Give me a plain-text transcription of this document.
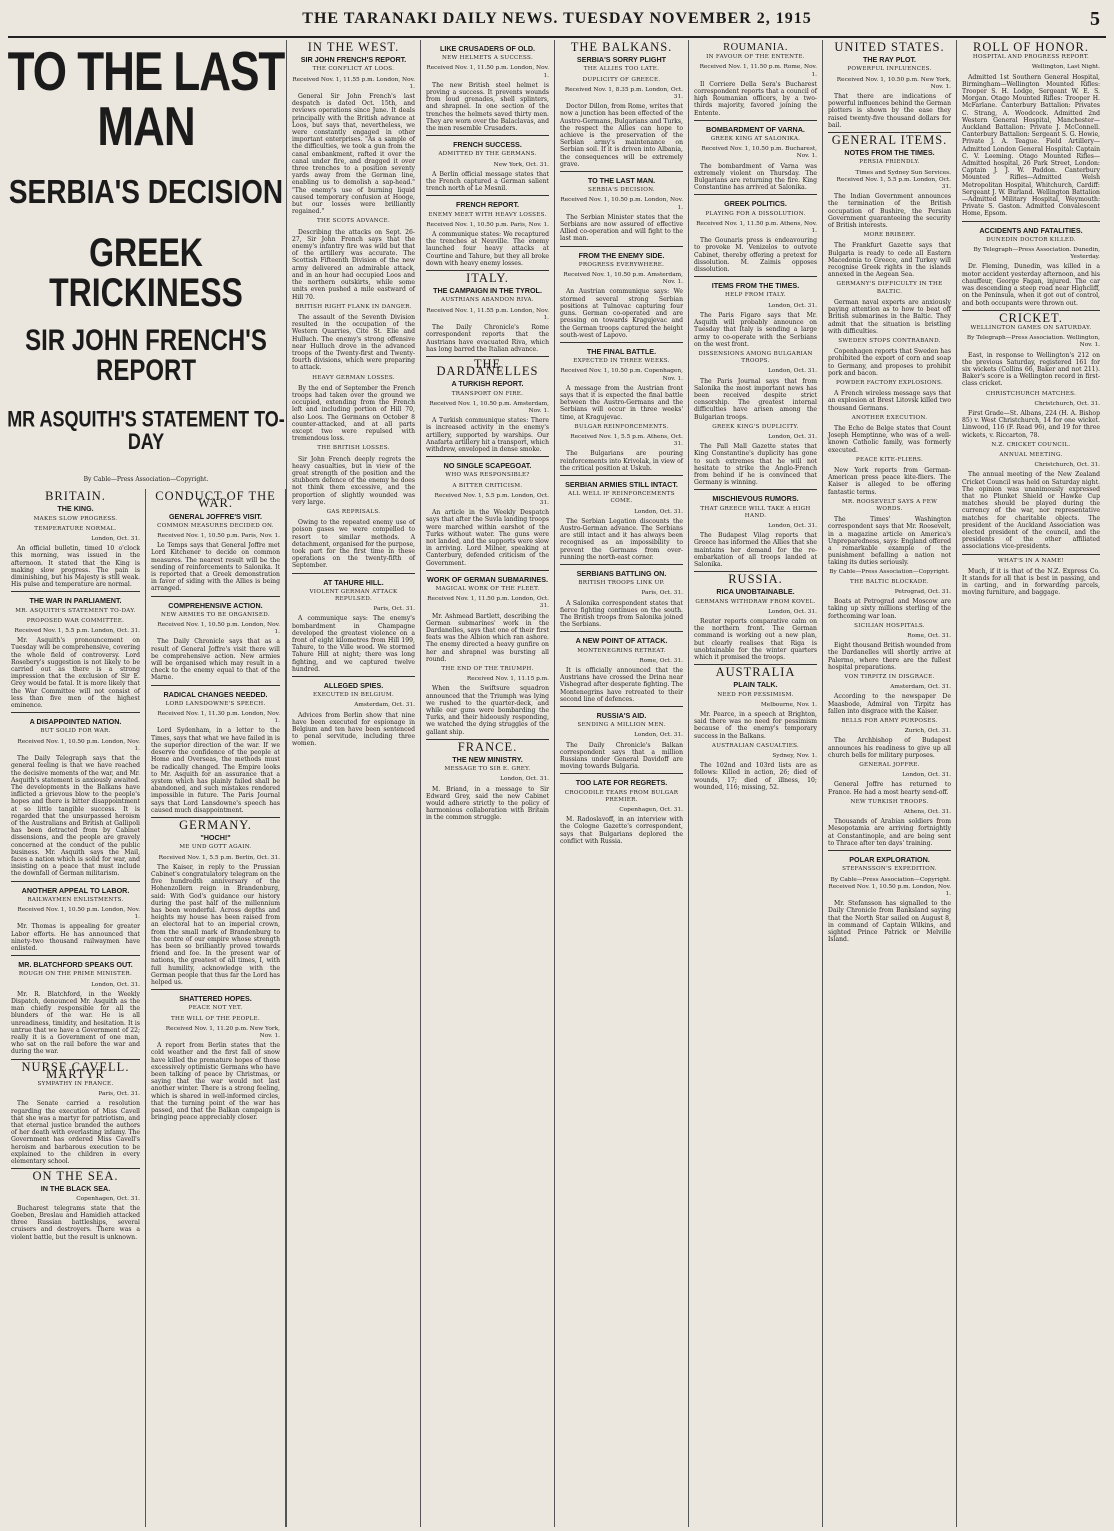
THE TARANAKI DAILY NEWS. TUESDAY NOVEMBER 2, 1915	5
TO THE LAST MAN
SERBIA'S DECISION
GREEK TRICKINESS
SIR JOHN FRENCH'S REPORT
MR ASQUITH'S STATEMENT TO-DAY
By Cable—Press Association—Copyright.
BRITAIN.
THE KING.
MAKES SLOW PROGRESS.
TEMPERATURE NORMAL.
London, Oct. 31.

An official bulletin, timed 10 o'clock this morning, was issued in the afternoon. It stated that the King is making slow progress. The pain is diminishing, but his Majesty is still weak. His pulse and temperature are normal.

THE WAR IN PARLIAMENT.
MR. ASQUITH'S STATEMENT TO-DAY.
PROPOSED WAR COMMITTEE.
Received Nov. 1, 5.5 p.m. London, Oct. 31.

Mr. Asquith's pronouncement on Tuesday will be comprehensive, covering the whole field of controversy. Lord Rosebery's suggestion is not likely to be carried out as there is a strong impression that the exclusion of Sir E. Grey would be fatal. It is more likely that the War Committee will not consist of less than five men of the highest eminence.

A DISAPPOINTED NATION.
BUT SOLID FOR WAR.
Received Nov. 1, 10.50 p.m. London, Nov. 1.

The Daily Telegraph says that the general feeling is that we have reached the decisive moments of the war, and Mr. Asquith's statement is anxiously awaited. The developments in the Balkans have inflicted a grievous blow to the people's hopes and there is bitter disappointment at so little tangible success. It is regarded that the unsurpassed heroism of the Australians and British at Gallipoli has been detracted from by Cabinet dissensions, and the people are gravely concerned at the conduct of the public business. Mr. Asquith says the Mail, faces a nation which is solid for war, and insisting on a peace that must include the downfall of German militarism.

ANOTHER APPEAL TO LABOR.
RAILWAYMEN ENLISTMENTS.
Received Nov. 1, 10.50 p.m. London, Nov. 1.

Mr. Thomas is appealing for greater Labor efforts. He has announced that ninety-two thousand railwaymen have enlisted.

MR. BLATCHFORD SPEAKS OUT.
ROUGH ON THE PRIME MINISTER.
London, Oct. 31.

Mr. R. Blatchford, in the Weekly Dispatch, denounced Mr. Asquith as the man chiefly responsible for all the blunders of the war. He is all unreadiness, timidity, and hesitation. It is untrue that we have a Government of 22; really it is a Government of one man, who sat on the rail before the war and during the war.

NURSE CAVELL. MARTYR
SYMPATHY IN FRANCE.
Paris, Oct. 31.

The Senate carried a resolution regarding the execution of Miss Cavell that she was a martyr for patriotism, and that eternal justice branded the authors of her death with everlasting infamy. The Government has ordered Miss Cavell's heroism and barbarous execution to be explained to the children in every elementary school.

ON THE SEA.
IN THE BLACK SEA.
Copenhagen, Oct. 31.

Bucharest telegrams state that the Goeben, Breslau and Hamidieh attacked three Russian battleships, several cruisers and destroyers. There was a violent battle, but the result is unknown.

CONDUCT OF THE WAR.
GENERAL JOFFRE'S VISIT.
COMMON MEASURES DECIDED ON.
Received Nov. 1, 10.50 p.m. Paris, Nov. 1.

Le Temps says that General Joffre met Lord Kitchener to decide on common measures. The nearest result will be the sending of reinforcements to Salonika. It is reported that a Greek demonstration in favor of siding with the Allies is being arranged.

COMPREHENSIVE ACTION.
NEW ARMIES TO BE ORGANISED.
Received Nov. 1, 10.50 p.m. London, Nov. 1.

The Daily Chronicle says that as a result of General Joffre's visit there will be comprehensive action. New armies will be organised which may result in a check to the enemy equal to that of the Marne.

RADICAL CHANGES NEEDED.
LORD LANSDOWNE'S SPEECH.
Received Nov. 1, 11.30 p.m. London, Nov. 1.

Lord Sydenham, in a letter to the Times, says that what we have failed in is the superior direction of the war. If we deserve the confidence of the people at Home and Overseas, the methods must be radically changed. The Empire looks to Mr. Asquith for an assurance that a system which has plainly failed shall be abandoned, and such mistakes rendered impossible in future. The Paris Journal says that Lord Lansdowne's speech has caused much disappointment.

GERMANY.
"HOCH!"
ME UND GOTT AGAIN.
Received Nov. 1, 5.5 p.m. Berlin, Oct. 31.

The Kaiser, in reply to the Prussian Cabinet's congratulatory telegram on the five hundredth anniversary of the Hohenzollern reign in Brandenburg, said: With God's guidance our history during the past half of the millennium has been wonderful. Across depths and heights my house has been raised from an electoral hat to an imperial crown, from the small mark of Brandenburg to the centre of our empire whose strength has been so brilliantly proved towards friend and foe. In the present war of nations, the greatest of all times, I, with full humility, acknowledge with the German people that thus far the Lord has helped us.

SHATTERED HOPES.
PEACE NOT YET.
THE WILL OF THE PEOPLE.
Received Nov. 1, 11.20 p.m. New York, Nov. 1.

A report from Berlin states that the cold weather and the first fall of snow have killed the premature hopes of those excessively optimistic Germans who have been talking of peace by Christmas, or saying that the war would not last another winter. There is a strong feeling, which is shared in well-informed circles, that the turning point of the war has passed, and that the Balkan campaign is bringing peace appreciably closer.

IN THE WEST.
SIR JOHN FRENCH'S REPORT.
THE CONFLICT AT LOOS.
Received Nov. 1, 11.55 p.m. London, Nov. 1.

General Sir John French's last despatch is dated Oct. 15th, and reviews operations since June. It deals principally with the British advance at Loos, but says that, nevertheless, we were constantly engaged in other important enterprises. "As a sample of the difficulties, we took a gun from the canal embankment, rafted it over the canal under fire, and dragged it over three trenches to a position seventy yards away from the German line, enabling us to demolish a sap-head." "The enemy's use of burning liquid caused temporary confusion at Hooge, but our losses were brilliantly regained."

THE SCOTS ADVANCE.

Describing the attacks on Sept. 26-27, Sir John French says that the enemy's infantry fire was wild but that of the artillery was accurate. The Scottish Fifteenth Division of the new army delivered an admirable attack, and in an hour had occupied Loos and the northern outskirts, while some units even pushed a mile eastward of Hill 70.

BRITISH RIGHT FLANK IN DANGER.

The assault of the Seventh Division resulted in the occupation of the Western Quarries, Cite St. Elie and Hulluch. The enemy's strong offensive near Hulluch drove in the advanced troops of the Twenty-first and Twenty-fourth divisions, which were preparing to attack.

HEAVY GERMAN LOSSES.

By the end of September the French troops had taken over the ground we occupied, extending from the French left and including portion of Hill 70, also Loos. The Germans on October 8 counter-attacked, and at all parts except two were repulsed with tremendous loss.

THE BRITISH LOSSES.

Sir John French deeply regrets the heavy casualties, but in view of the great strength of the position and the stubborn defence of the enemy he does not think them excessive, and the proportion of slightly wounded was very large.

GAS REPRISALS.

Owing to the repeated enemy use of poison gases we were compelled to resort to similar methods. A detachment, organised for the purpose, took part for the first time in these operations on the twenty-fifth of September.

AT TAHURE HILL.
VIOLENT GERMAN ATTACK REPULSED.
Paris, Oct. 31.

A communique says: The enemy's bombardment in Champagne developed the greatest violence on a front of eight kilometres from Hill 199, Tahure, to the Ville wood. We stormed Tahure Hill at night; there was long fighting, and we captured twelve hundred.

ALLEGED SPIES.
EXECUTED IN BELGIUM.
Amsterdam, Oct. 31.

Advices from Berlin show that nine have been executed for espionage in Belgium and ten have been sentenced to penal servitude, including three women.

LIKE CRUSADERS OF OLD.
NEW HELMETS A SUCCESS.
Received Nov. 1, 11.50 p.m. London, Nov. 1.

The new British steel helmet is proving a success. It prevents wounds from loud grenades, shell splinters, and shrapnel. In one section of the trenches the helmets saved thirty men. They are worn over the Balaclavas, and the men resemble Crusaders.

FRENCH SUCCESS.
ADMITTED BY THE GERMANS.
New York, Oct. 31.

A Berlin official message states that the French captured a German salient trench north of Le Mesnil.

FRENCH REPORT.
ENEMY MEET WITH HEAVY LOSSES.
Received Nov. 1, 10.50 p.m. Paris, Nov. 1.

A communique states: We recaptured the trenches at Neuville. The enemy launched four heavy attacks at Courtine and Tahure, but they all broke down with heavy enemy losses.

ITALY.
THE CAMPAIGN IN THE TYROL.
AUSTRIANS ABANDON RIVA.
Received Nov. 1, 11.55 p.m. London, Nov. 1.

The Daily Chronicle's Rome correspondent reports that the Austrians have evacuated Riva, which has long barred the Italian advance.

THE DARDANELLES
A TURKISH REPORT.
TRANSPORT ON FIRE.
Received Nov. 1, 10.50 p.m. Amsterdam, Nov. 1.

A Turkish communique states: There is increased activity in the enemy's artillery, supported by warships. Our Anafarta artillery hit a transport, which withdrew, enveloped in dense smoke.

NO SINGLE SCAPEGOAT.
WHO WAS RESPONSIBLE?
A BITTER CRITICISM.
Received Nov. 1, 5.5 p.m. London, Oct. 31.

An article in the Weekly Despatch says that after the Suvla landing troops were marched within earshot of the Turks without water. The guns were not landed, and the supports were slow in arriving. Lord Milner, speaking at Canterbury, defended criticism of the Government.

WORK OF GERMAN SUBMARINES.
MAGICAL WORK OF THE FLEET.
Received Nov. 1, 11.50 p.m. London, Oct. 31.

Mr. Ashmead Bartlett, describing the German submarines' work in the Dardanelles, says that one of their first feats was the Albion which ran ashore. The enemy directed a heavy gunfire on her and shrapnel was bursting all round.

THE END OF THE TRIUMPH.
Received Nov. 1, 11.15 p.m.

When the Swiftsure squadron announced that the Triumph was lying we rushed to the quarter-deck, and while our guns were bombarding the Turks, and their hideously responding, we watched the dying struggles of the gallant ship.

FRANCE.
THE NEW MINISTRY.
MESSAGE TO SIR E. GREY.
London, Oct. 31.

M. Briand, in a message to Sir Edward Grey, said the new Cabinet would adhere strictly to the policy of harmonious collaboration with Britain in the common struggle.

THE BALKANS.
SERBIA'S SORRY PLIGHT
THE ALLIES TOO LATE.
DUPLICITY OF GREECE.
Received Nov. 1, 8.35 p.m. London, Oct. 31.

Doctor Dillon, from Rome, writes that now a junction has been effected of the Austro-Germans, Bulgarians and Turks, the respect the Allies can hope to achieve is the preservation of the Serbian army's maintenance on Serbian soil. If it is driven into Albania, the consequences will be extremely grave.

TO THE LAST MAN.
SERBIA'S DECISION.
Received Nov. 1, 10.50 p.m. London, Nov. 1.

The Serbian Minister states that the Serbians are now assured of effective Allied co-operation and will fight to the last man.

FROM THE ENEMY SIDE.
PROGRESS EVERYWHERE.
Received Nov. 1, 10.50 p.m. Amsterdam, Nov. 1.

An Austrian communique says: We stormed several strong Serbian positions at Tulnovac capturing four guns. German co-operated and are pressing on towards Kragujevac and the German troops captured the height south-west of Lapovo.

THE FINAL BATTLE.
EXPECTED IN THREE WEEKS.
Received Nov. 1, 10.50 p.m. Copenhagen, Nov. 1.

A message from the Austrian front says that it is expected the final battle between the Austro-Germans and the Serbians will occur in three weeks' time, at Kragujevac.

BULGAR REINFORCEMENTS.
Received Nov. 1, 5.5 p.m. Athens, Oct. 31.

The Bulgarians are pouring reinforcements into Krivolak, in view of the critical position at Uskub.

SERBIAN ARMIES STILL INTACT.
ALL WELL IF REINFORCEMENTS COME.
London, Oct. 31.

The Serbian Legation discounts the Austro-German advance. The Serbians are still intact and it has always been recognised as an impossibility to prevent the Germans from over-running the north-east corner.

SERBIANS BATTLING ON.
BRITISH TROOPS LINK UP.
Paris, Oct. 31.

A Salonika correspondent states that fierce fighting continues on the south. The British troops from Salonika joined the Serbians.

A NEW POINT OF ATTACK.
MONTENEGRINS RETREAT.
Rome, Oct. 31.

It is officially announced that the Austrians have crossed the Drina near Vishegrad after desperate fighting. The Montenegrins have retreated to their second line of defences.

RUSSIA'S AID.
SENDING A MILLION MEN.
London, Oct. 31.

The Daily Chronicle's Balkan correspondent says that a million Russians under General Davidoff are moving towards Bulgaria.

TOO LATE FOR REGRETS.
CROCODILE TEARS FROM BULGAR PREMIER.
Copenhagen, Oct. 31.

M. Radoslavoff, in an interview with the Cologne Gazette's correspondent, says that Bulgarians deplored the conflict with Russia.

ROUMANIA.
IN FAVOUR OF THE ENTENTE.
Received Nov. 1, 11.50 p.m. Rome, Nov. 1.

Il Corriere Della Sera's Bucharest correspondent reports that a council of high Roumanian officers, by a two-thirds majority, favored joining the Entente.

BOMBARDMENT OF VARNA.
GREEK KING AT SALONIKA.
Received Nov. 1, 10.50 p.m. Bucharest, Nov. 1.

The bombardment of Varna was extremely violent on Thursday. The Bulgarians are returning the fire. King Constantine has arrived at Salonika.

GREEK POLITICS.
PLAYING FOR A DISSOLUTION.
Received Nov. 1, 11.50 p.m. Athens, Nov. 1.

The Gounaris press is endeavouring to provoke M. Venizelos to outvote Cabinet, thereby offering a pretext for dissolution. M. Zaimis opposes dissolution.

ITEMS FROM THE TIMES.
HELP FROM ITALY.
London, Oct. 31.

The Paris Figaro says that Mr. Asquith will probably announce on Tuesday that Italy is sending a large army to co-operate with the Serbians on the west front.

DISSENSIONS AMONG BULGARIAN TROOPS.
London, Oct. 31.

The Paris Journal says that from Salonika the most important news has been received despite strict censorship. The greatest internal difficulties have arisen among the Bulgarian troops.

GREEK KING'S DUPLICITY.
London, Oct. 31.

The Pall Mall Gazette states that King Constantine's duplicity has gone to such extremes that he will not hesitate to strike the Anglo-French from behind if he is convinced that Germany is winning.

MISCHIEVOUS RUMORS.
THAT GREECE WILL TAKE A HIGH HAND.
London, Oct. 31.

The Budapest Vilag reports that Greece has informed the Allies that she maintains her demand for the re-embarkation of all troops landed at Salonika.

RUSSIA.
RICA UNOBTAINABLE.
GERMANS WITHDRAW FROM KOVEL.
London, Oct. 31.

Reuter reports comparative calm on the northern front. The German command is working out a new plan, but clearly realises that Riga is unobtainable for the winter quarters which it promised the troops.

AUSTRALIA
PLAIN TALK.
NEED FOR PESSIMISM.
Melbourne, Nov. 1.

Mr. Pearce, in a speech at Brighton, said there was no need for pessimism because of the enemy's temporary success in the Balkans.

AUSTRALIAN CASUALTIES.
Sydney, Nov. 1.

The 102nd and 103rd lists are as follows: Killed in action, 26; died of wounds, 17; died of illness, 10; wounded, 116; missing, 52.

UNITED STATES.
THE RAY PLOT.
POWERFUL INFLUENCES.
Received Nov. 1, 10.50 p.m. New York, Nov. 1.

That there are indications of powerful influences behind the German plotters is shown by the ease they raised twenty-five thousand dollars for bail.

GENERAL ITEMS.
NOTES FROM THE TIMES.
PERSIA FRIENDLY.
Times and Sydney Sun Services. Received Nov. 1, 5.5 p.m. London, Oct. 31.

The Indian Government announces the termination of the British occupation of Bushire, the Persian Government guaranteeing the security of British interests.

MORE BRIBERY.

The Frankfurt Gazette says that Bulgaria is ready to cede all Eastern Macedonia to Greece, and Turkey will recognise Greek rights in the islands annexed in the Aegean Sea.

GERMANY'S DIFFICULTY IN THE BALTIC.

German naval experts are anxiously paying attention as to how to beat off British submarines in the Baltic. They admit that the situation is bristling with difficulties.

SWEDEN STOPS CONTRABAND.

Copenhagen reports that Sweden has prohibited the export of corn and soap to Germany, and proposes to prohibit pork and bacon.

POWDER FACTORY EXPLOSIONS.

A French wireless message says that an explosion at Brest Litovsk killed two thousand Germans.

ANOTHER EXECUTION.

The Echo de Belge states that Count Joseph Hemptinne, who was of a well-known Catholic family, was formerly executed.

PEACE KITE-FLIERS.

New York reports from German-American press peace kite-fliers. The Kaiser is alleged to be offering fantastic terms.

MR. ROOSEVELT SAYS A FEW WORDS.

The Times' Washington correspondent says that Mr. Roosevelt, in a magazine article on America's Unpreparedness, says: England offered a remarkable example of the punishment befalling a nation not taking its duties seriously.

By Cable—Press Association—Copyright.
THE BALTIC BLOCKADE.
Petrograd, Oct. 31.

Boats at Petrograd and Moscow are taking up sixty millions sterling of the forthcoming war loan.

SICILIAN HOSPITALS.
Rome, Oct. 31.

Eight thousand British wounded from the Dardanelles will shortly arrive at Palermo, where there are the fullest hospital preparations.

VON TIRPITZ IN DISGRACE.
Amsterdam, Oct. 31.

According to the newspaper De Maasbode, Admiral von Tirpitz has fallen into disgrace with the Kaiser.

BELLS FOR ARMY PURPOSES.
Zurich, Oct. 31.

The Archbishop of Budapest announces his readiness to give up all church bells for military purposes.

GENERAL JOFFRE.
London, Oct. 31.

General Joffre has returned to France. He had a most hearty send-off.

NEW TURKISH TROOPS.
Athens, Oct. 31.

Thousands of Arabian soldiers from Mesopotamia are arriving fortnightly at Constantinople, and are being sent to Thrace after ten days' training.

POLAR EXPLORATION.
STEFANSSON'S EXPEDITION.
By Cable—Press Association—Copyright. Received Nov. 1, 10.50 p.m. London, Nov. 1.

Mr. Stefansson has signalled to the Daily Chronicle from Banksland saying that the North Star sailed on August 8, in command of Captain Wilkins, and sighted Prince Patrick or Melville Island.

ROLL OF HONOR.
HOSPITAL AND PROGRESS REPORT.
Wellington, Last Night.

Admitted 1st Southern General Hospital, Birmingham—Wellington Mounted Rifles: Trooper S. H. Lodge, Sergeant W. E. S. Morgan. Otago Mounted Rifles: Trooper H. McFarlane. Canterbury Battalion: Privates C. Strang, A. Woodcock. Admitted 2nd Western General Hospital, Manchester—Auckland Battalion: Private J. McConnell. Canterbury Battalion: Sergeant S. G. Howie, Private J. A. Teague. Field Artillery—Admitted London General Hospital: Captain C. V. Leeming. Otago Mounted Rifles—Admitted hospital, 26 Park Street, London: Captain J. J. W. Paddon. Canterbury Mounted Rifles—Admitted Welsh Metropolitan Hospital, Whitchurch, Cardiff: Sergeant J. W. Burland. Wellington Battalion—Admitted Military Hospital, Weymouth: Private S. Gaston. Admitted Convalescent Home, Epsom.

ACCIDENTS AND FATALITIES.
DUNEDIN DOCTOR KILLED.
By Telegraph—Press Association. Dunedin, Yesterday.

Dr. Fleming, Dunedin, was killed in a motor accident yesterday afternoon, and his chauffeur, George Fagan, injured. The car was descending a steep road near Highcliff, on the Peninsula, when it got out of control, and both occupants were thrown out.

CRICKET.
WELLINGTON GAMES ON SATURDAY.
By Telegraph—Press Association. Wellington, Nov. 1.

East, in response to Wellington's 212 on the previous Saturday, registered 161 for six wickets (Collins 66, Baker and not 211). Baker's score is a Wellington record in first-class cricket.

CHRISTCHURCH MATCHES.
Christchurch, Oct. 31.

First Grade—St. Albans, 224 (H. A. Bishop 85) v. West Christchurch, 14 for one wicket. Linwood, 116 (F. Read 96), and 19 for three wickets, v. Riccarton, 78.

N.Z. CRICKET COUNCIL.
ANNUAL MEETING.
Christchurch, Oct. 31.

The annual meeting of the New Zealand Cricket Council was held on Saturday night. The opinion was unanimously expressed that no Plunket Shield or Hawke Cup matches should be played during the currency of the war, nor representative matches for charitable objects. The president of the Auckland Association was elected president of the council, and the presidents of the other affiliated associations vice-presidents.

WHAT'S IN A NAME!

Much, if it is that of the N.Z. Express Co. It stands for all that is best in passing, and in carting, and in forwarding parcels, moving furniture, and baggage.
